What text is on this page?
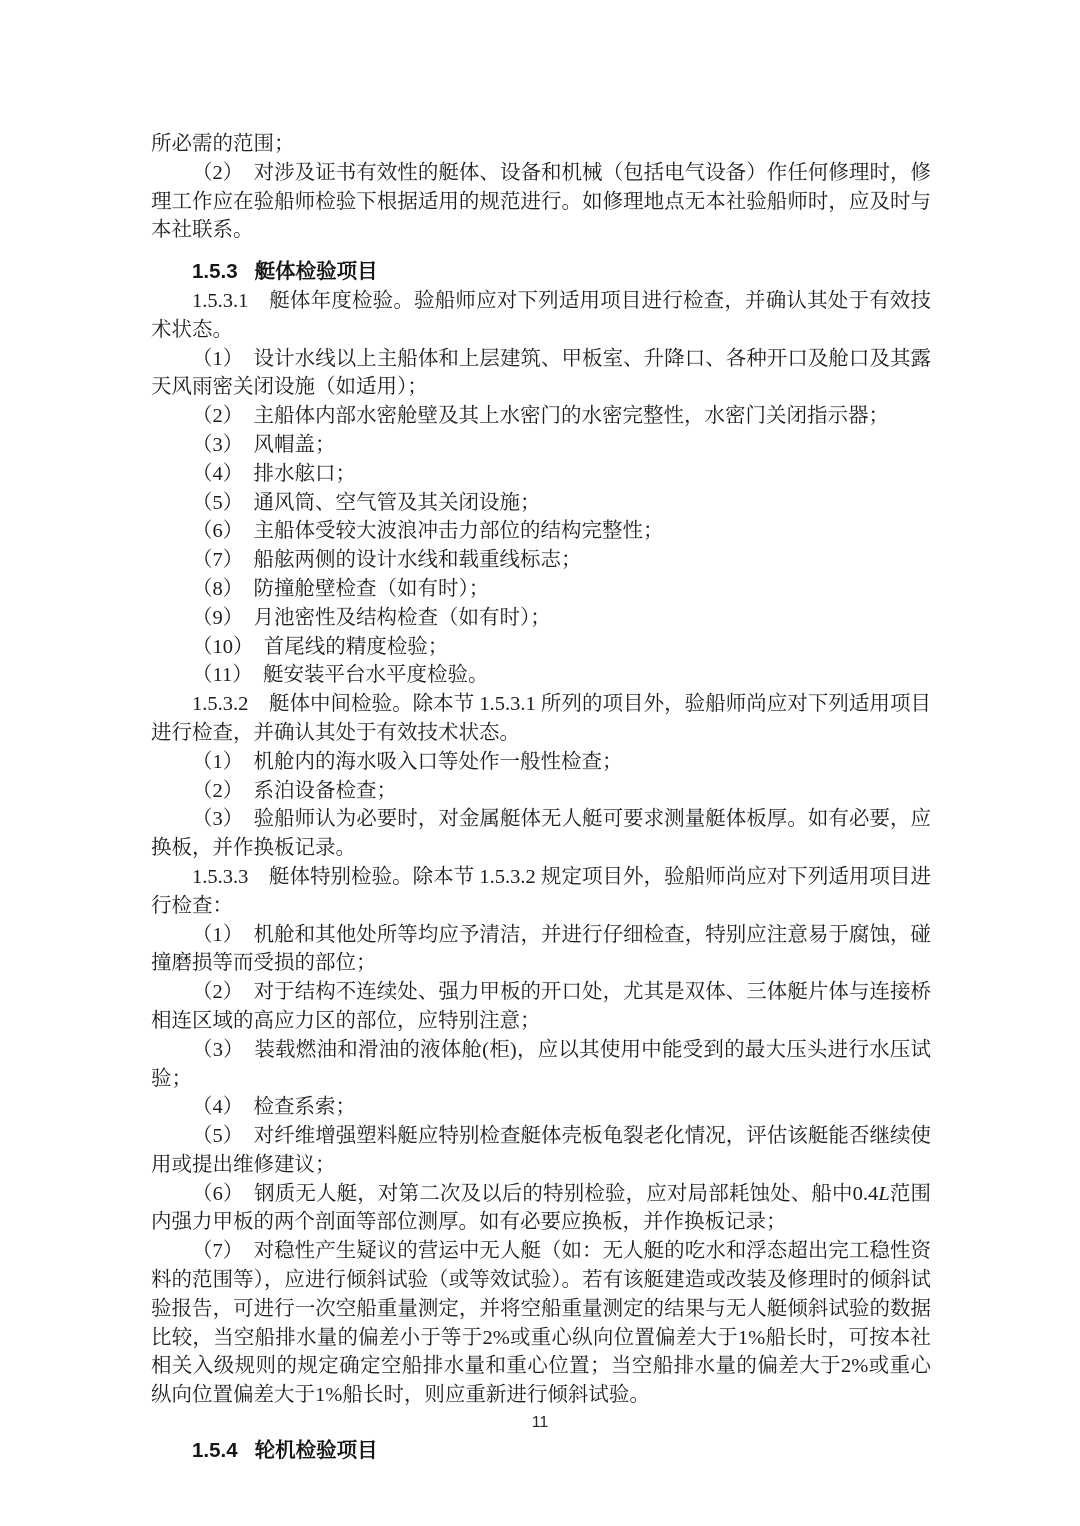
所必需的范围；

（2）　对涉及证书有效性的艇体、设备和机械（包括电气设备）作任何修理时，修理工作应在验船师检验下根据适用的规范进行。如修理地点无本社验船师时，应及时与本社联系。

1.5.3 艇体检验项目

1.5.3.1　艇体年度检验。验船师应对下列适用项目进行检查，并确认其处于有效技术状态。

（1）　设计水线以上主船体和上层建筑、甲板室、升降口、各种开口及舱口及其露天风雨密关闭设施（如适用）；

（2）　主船体内部水密舱壁及其上水密门的水密完整性，水密门关闭指示器；

（3）　风帽盖；

（4）　排水舷口；

（5）　通风筒、空气管及其关闭设施；

（6）　主船体受较大波浪冲击力部位的结构完整性；

（7）　船舷两侧的设计水线和载重线标志；

（8）　防撞舱壁检查（如有时）；

（9）　月池密性及结构检查（如有时）；

（10）　首尾线的精度检验；

（11）　艇安装平台水平度检验。

1.5.3.2　艇体中间检验。除本节 1.5.3.1 所列的项目外，验船师尚应对下列适用项目进行检查，并确认其处于有效技术状态。

（1）　机舱内的海水吸入口等处作一般性检查；

（2）　系泊设备检查；

（3）　验船师认为必要时，对金属艇体无人艇可要求测量艇体板厚。如有必要，应换板，并作换板记录。

1.5.3.3　艇体特别检验。除本节 1.5.3.2 规定项目外，验船师尚应对下列适用项目进行检查：

（1）　机舱和其他处所等均应予清洁，并进行仔细检查，特别应注意易于腐蚀，碰撞磨损等而受损的部位；

（2）　对于结构不连续处、强力甲板的开口处，尤其是双体、三体艇片体与连接桥相连区域的高应力区的部位，应特别注意；

（3）　装载燃油和滑油的液体舱(柜)，应以其使用中能受到的最大压头进行水压试验；

（4）　检查系索；

（5）　对纤维增强塑料艇应特别检查艇体壳板龟裂老化情况，评估该艇能否继续使用或提出维修建议；

（6）　钢质无人艇，对第二次及以后的特别检验，应对局部耗蚀处、船中0.4L范围内强力甲板的两个剖面等部位测厚。如有必要应换板，并作换板记录；

（7）　对稳性产生疑议的营运中无人艇（如：无人艇的吃水和浮态超出完工稳性资料的范围等），应进行倾斜试验（或等效试验）。若有该艇建造或改装及修理时的倾斜试验报告，可进行一次空船重量测定，并将空船重量测定的结果与无人艇倾斜试验的数据比较，当空船排水量的偏差小于等于2%或重心纵向位置偏差大于1%船长时，可按本社相关入级规则的规定确定空船排水量和重心位置；当空船排水量的偏差大于2%或重心纵向位置偏差大于1%船长时，则应重新进行倾斜试验。

1.5.4 轮机检验项目
11
